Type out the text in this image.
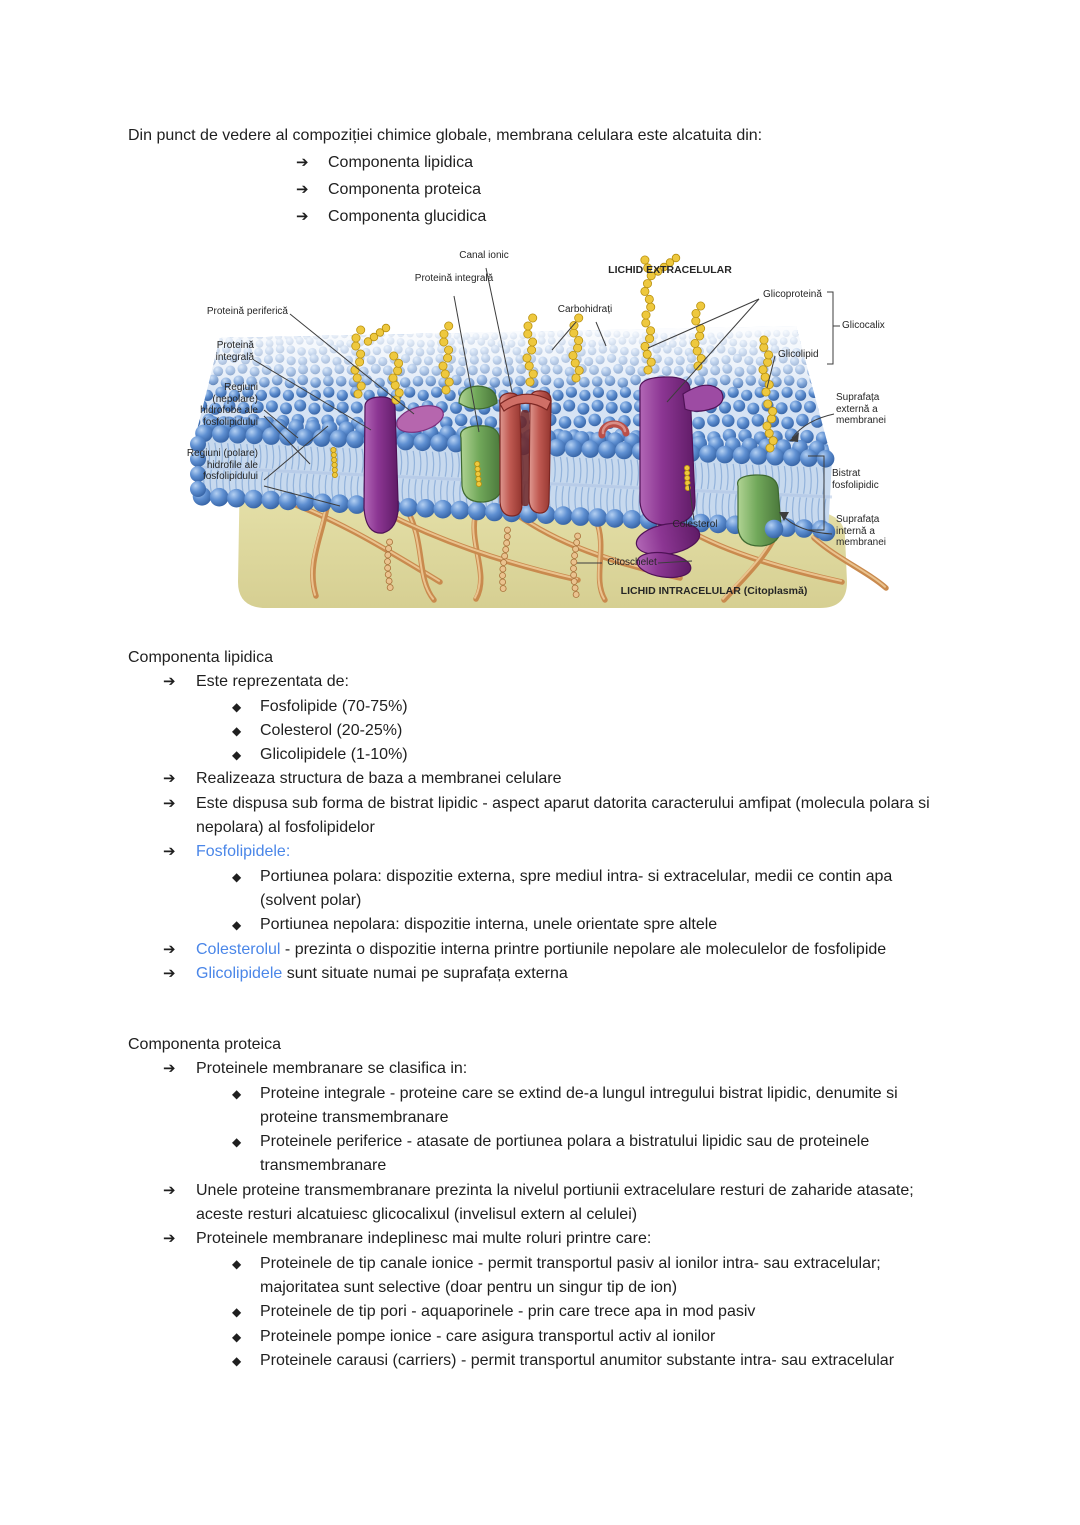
Din punct de vedere al compoziției chimice globale, membrana celulara este alcatuita din:
➔	Componenta lipidica
➔	Componenta proteica
➔	Componenta glucidica
Canal ionic
Proteină integrală
LICHID EXTRACELULAR
Glicoproteină
Glicocalix
Carbohidrați
Glicolipid
Proteină periferică
Proteină integrală
Regiuni (nepolare) hidrofobe ale fosfolipidului
Regiuni (polare) hidrofile ale fosfolipidului
Suprafața externă a membranei
Bistrat fosfolipidic
Suprafața internă a membranei
Colesterol
Citoschelet
LICHID INTRACELULAR (Citoplasmă)
Componenta lipidica
➔	Este reprezentata de:
◆	Fosfolipide (70-75%)
◆	Colesterol (20-25%)
◆	Glicolipidele (1-10%)
➔	Realizeaza structura de baza a membranei celulare
➔	Este dispusa sub forma de bistrat lipidic - aspect aparut datorita caracterului amfipat (molecula polara si nepolara) al fosfolipidelor
➔	Fosfolipidele:
◆	Portiunea polara: dispozitie externa, spre mediul intra- si extracelular, medii ce contin apa (solvent polar)
◆	Portiunea nepolara: dispozitie interna, unele orientate spre altele
➔	Colesterolul - prezinta o dispozitie interna printre portiunile nepolare ale moleculelor de fosfolipide
➔	Glicolipidele sunt situate numai pe suprafața externa
Componenta proteica
➔	Proteinele membranare se clasifica in:
◆	Proteine integrale - proteine care se extind de-a lungul intregului bistrat lipidic, denumite si proteine transmembranare
◆	Proteinele periferice - atasate de portiunea polara a bistratului lipidic sau de proteinele transmembranare
➔	Unele proteine transmembranare prezinta la nivelul portiunii extracelulare resturi de zaharide atasate; aceste resturi alcatuiesc glicocalixul (invelisul extern al celulei)
➔	Proteinele membranare indeplinesc mai multe roluri printre care:
◆	Proteinele de tip canale ionice - permit transportul pasiv al ionilor intra- sau extracelular; majoritatea sunt selective (doar pentru un singur tip de ion)
◆	Proteinele de tip pori - aquaporinele - prin care trece apa in mod pasiv
◆	Proteinele pompe ionice - care asigura transportul activ al ionilor
◆	Proteinele carausi (carriers) - permit transportul anumitor substante intra- sau extracelular
